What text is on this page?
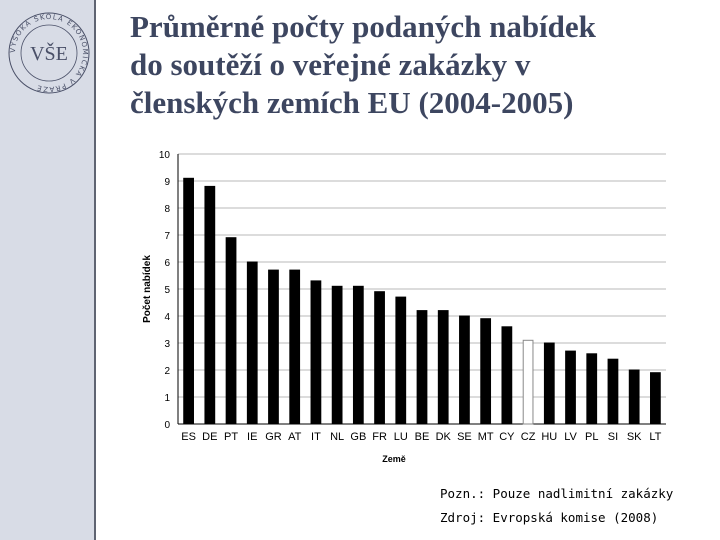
VYSOKÁ ŠKOLA EKONOMICKÁ V PRAZE
VŠE
Průměrné počty podaných nabídek
do soutěží o veřejné zakázky v
členských zemích EU (2004-2005)
0
1
2
3
4
5
6
7
8
9
10
ES DE PT IE GR AT IT NL GB FR LU BE DK SE MT CY CZ HU LV PL SI SK LT
Země
Počet nabídek
Pozn.: Pouze nadlimitní zakázky
Zdroj: Evropská komise (2008)
